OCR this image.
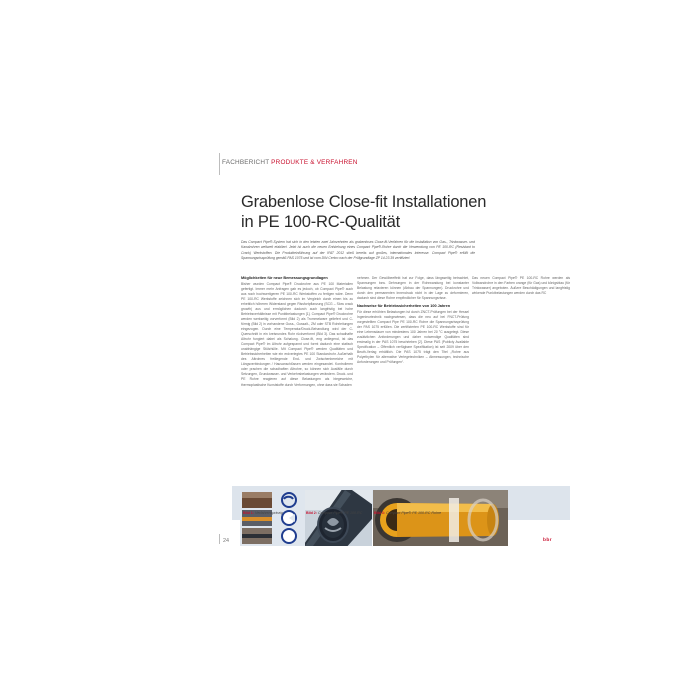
FACHBERICHT PRODUKTE & VERFAHREN
Grabenlose Close-fit Installationen
in PE 100-RC-Qualität
Das Compact Pipe®-System hat sich in den letzten zwei Jahrzehnten als grabenloses Close-fit-Verfahren für die Installation von Gas-, Trinkwasser- und Kanalrohren weltweit etabliert. Jetzt ist auch die neuen Entstehung eines Compact Pipe®-Rohre durch die Verwendung von PE 100-RC (Resistant to Crack) Werkstoffen. Die Produkteinführung auf der IFAT 2012 stieß bereits auf großes, internationales Interesse. Compact Pipe® erfüllt die Spannungsrissprüfung gemäß PAS 1075 und ist vom DIN Certco nach der Prüfgrundlage ZP 14.23.39 zertifiziert.
Möglichkeiten für neue Bemessungsgrundlagen

Bisher wurden Compact Pipe® Druckrohre aus PE 100 Materialien gefertigt. Immer mehr Anfragen gab es jedoch, ob Compact Pipe® auch aus noch hochwertigeren PE 100-RC Werkstoffen zu fertigen wäre. Denn PE 100-RC Werkstoffe zeichnen sich im Vergleich durch einen bis zu erheblich höheren Widerstand gegen Rissfortpflanzung (SCG – Slow crack growth) aus und ermöglichen dadurch auch langfristig bei hohe Betriebsverhältnisse mit Punktbelastungen [1]. Compact Pipe® Druckrohre werden werkseitig vorverformt (Bild 2) als Trommelware geliefert und C-förmig (Bild 2) in vorhandene Guss-, Gussalt-, ZM oder STB Rohrleitungen eingezogen. Durch eine Temperatur/Druck-Behandlung wird der C-Querschnitt in ein kreisrundes Rohr rückverformt (Bild 3). Das schadhafte Altrohr fungiert dabei als Schalung. Close-fit, eng anliegend, ist das Compact Pipe® im Altrohr aufgespannt und formt dadurch eine statisch unabhängige Stützhülle. Mit Compact Pipe® werden Qualitäten und Betriebssicherheiten wie ein erdverlegtes PE 100 Standardrohr. Außerhalb des Altrohres freiliegende End- und Zwischenbereiche mit Längsverbindungen / Hausanschlüssen werden eingesandet. Kontrolleren oder prachen die schadhaften Altrohre, so können sich Ausfälle durch Setzungen, Grundwasser- und Verkehrsbelastungen verändern. Druck- und PE Rohre reagieren auf diese Belastungen als biegeweiche, thermoplastische Kunststoffe durch Verformungen, ohne dass sie Schaden

nehmen. Der Gewölbeeffekt hat zur Folge, dass längsseitig betrachtet, Spannungen bzw. Dehnungen in der Rohrwandung bei konstanter Belastung relaxieren können (Abbau der Spannungen). Druckrohre und durch den permanenten Innendruck nicht in der Lage zu deformieren, dadurch sind diese Rohre empfindlicher für Spannungsrisse.

Nachweise für Betriebssicherheiten von 100 Jahren

Für diese erhöhten Belastungen ist durch ZNCT-Prüfungen bei der Hessel Ingenieurtechnik nachgewiesen, dass die neu auf bei FNCT-Prüfung vorgestellten Compact Pipe PE 100-RC Rohre die Spannungsrissprüfung der PAS 1075 erfüllen. Die zertifizierten PE 100-RC Werkstoffe sind für eine Lebensdauer von mindestens 100 Jahren bei 20 °C ausgelegt. Diese zusätzlichen Anforderungen und daher notwendige Qualitäten sind erstmalig in der PAS 1075 beschrieben [2]. Diese PAS (Publicly Available Specification – Öffentlich verfügbare Spezifikation) ist seit 2009 über den Beuth-Verlag erhältlich. Die PAS 1075 trägt den Titel „Rohre aus Polyethylen für alternative Verlegetechniken – Abmessungen, technische Anforderungen und Prüfungen“.

Das neuen Compact Pipe® PE 100-RC Rohre werden als Vollwandrohre in den Farben orange (für Gas) und königsblau (für Trinkwasser) angeboten. Äußere Beschädigungen und langfristig wirkende Punktbelastungen werden durch das RC

Bild 1: Verfahrensprinzip	Bild 2: Compact Pipe® PE 100-RC	Bild 3: Compact Pipe® PE 100-RC Rohre
24	bbr
